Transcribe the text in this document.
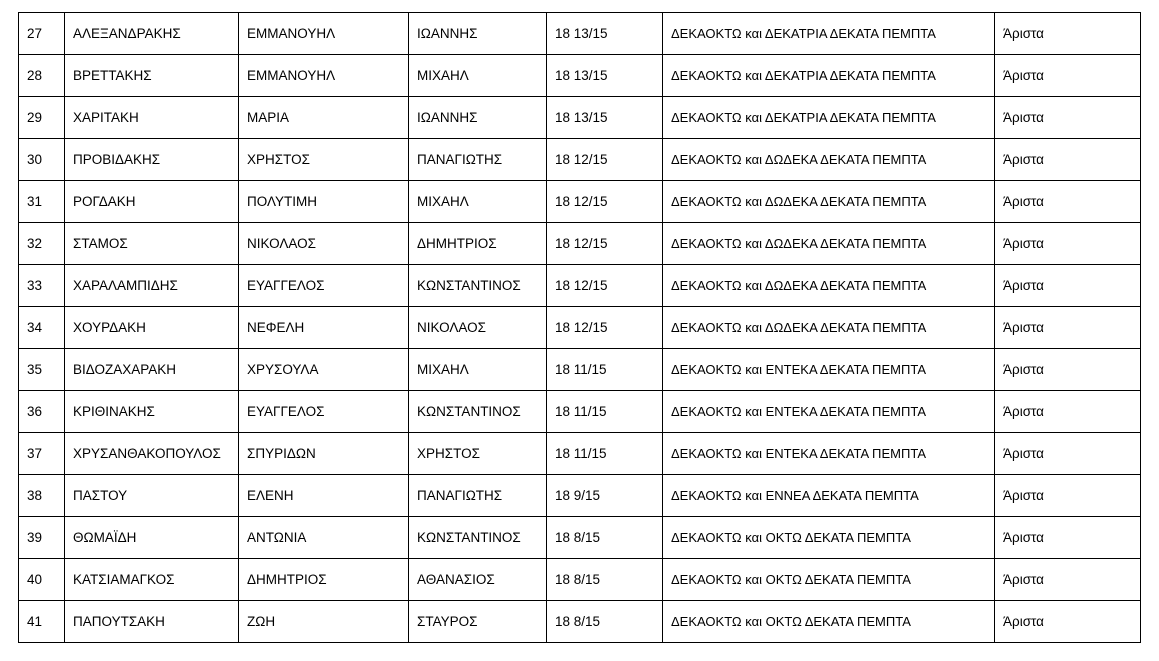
27	ΑΛΕΞΑΝΔΡΑΚΗΣ	ΕΜΜΑΝΟΥΗΛ	ΙΩΑΝΝΗΣ	18 13/15	ΔΕΚΑΟΚΤΩ και ΔΕΚΑΤΡΙΑ ΔΕΚΑΤΑ ΠΕΜΠΤΑ	Άριστα
28	ΒΡΕΤΤΑΚΗΣ	ΕΜΜΑΝΟΥΗΛ	ΜΙΧΑΗΛ	18 13/15	ΔΕΚΑΟΚΤΩ και ΔΕΚΑΤΡΙΑ ΔΕΚΑΤΑ ΠΕΜΠΤΑ	Άριστα
29	ΧΑΡΙΤΑΚΗ	ΜΑΡΙΑ	ΙΩΑΝΝΗΣ	18 13/15	ΔΕΚΑΟΚΤΩ και ΔΕΚΑΤΡΙΑ ΔΕΚΑΤΑ ΠΕΜΠΤΑ	Άριστα
30	ΠΡΟΒΙΔΑΚΗΣ	ΧΡΗΣΤΟΣ	ΠΑΝΑΓΙΩΤΗΣ	18 12/15	ΔΕΚΑΟΚΤΩ και ΔΩΔΕΚΑ ΔΕΚΑΤΑ ΠΕΜΠΤΑ	Άριστα
31	ΡΟΓΔΑΚΗ	ΠΟΛΥΤΙΜΗ	ΜΙΧΑΗΛ	18 12/15	ΔΕΚΑΟΚΤΩ και ΔΩΔΕΚΑ ΔΕΚΑΤΑ ΠΕΜΠΤΑ	Άριστα
32	ΣΤΑΜΟΣ	ΝΙΚΟΛΑΟΣ	ΔΗΜΗΤΡΙΟΣ	18 12/15	ΔΕΚΑΟΚΤΩ και ΔΩΔΕΚΑ ΔΕΚΑΤΑ ΠΕΜΠΤΑ	Άριστα
33	ΧΑΡΑΛΑΜΠΙΔΗΣ	ΕΥΑΓΓΕΛΟΣ	ΚΩΝΣΤΑΝΤΙΝΟΣ	18 12/15	ΔΕΚΑΟΚΤΩ και ΔΩΔΕΚΑ ΔΕΚΑΤΑ ΠΕΜΠΤΑ	Άριστα
34	ΧΟΥΡΔΑΚΗ	ΝΕΦΕΛΗ	ΝΙΚΟΛΑΟΣ	18 12/15	ΔΕΚΑΟΚΤΩ και ΔΩΔΕΚΑ ΔΕΚΑΤΑ ΠΕΜΠΤΑ	Άριστα
35	ΒΙΔΟΖΑΧΑΡΑΚΗ	ΧΡΥΣΟΥΛΑ	ΜΙΧΑΗΛ	18 11/15	ΔΕΚΑΟΚΤΩ και ΕΝΤΕΚΑ ΔΕΚΑΤΑ ΠΕΜΠΤΑ	Άριστα
36	ΚΡΙΘΙΝΑΚΗΣ	ΕΥΑΓΓΕΛΟΣ	ΚΩΝΣΤΑΝΤΙΝΟΣ	18 11/15	ΔΕΚΑΟΚΤΩ και ΕΝΤΕΚΑ ΔΕΚΑΤΑ ΠΕΜΠΤΑ	Άριστα
37	ΧΡΥΣΑΝΘΑΚΟΠΟΥΛΟΣ	ΣΠΥΡΙΔΩΝ	ΧΡΗΣΤΟΣ	18 11/15	ΔΕΚΑΟΚΤΩ και ΕΝΤΕΚΑ ΔΕΚΑΤΑ ΠΕΜΠΤΑ	Άριστα
38	ΠΑΣΤΟΥ	ΕΛΕΝΗ	ΠΑΝΑΓΙΩΤΗΣ	18 9/15	ΔΕΚΑΟΚΤΩ και ΕΝΝΕΑ ΔΕΚΑΤΑ ΠΕΜΠΤΑ	Άριστα
39	ΘΩΜΑΪΔΗ	ΑΝΤΩΝΙΑ	ΚΩΝΣΤΑΝΤΙΝΟΣ	18 8/15	ΔΕΚΑΟΚΤΩ και ΟΚΤΩ ΔΕΚΑΤΑ ΠΕΜΠΤΑ	Άριστα
40	ΚΑΤΣΙΑΜΑΓΚΟΣ	ΔΗΜΗΤΡΙΟΣ	ΑΘΑΝΑΣΙΟΣ	18 8/15	ΔΕΚΑΟΚΤΩ και ΟΚΤΩ ΔΕΚΑΤΑ ΠΕΜΠΤΑ	Άριστα
41	ΠΑΠΟΥΤΣΑΚΗ	ΖΩΗ	ΣΤΑΥΡΟΣ	18 8/15	ΔΕΚΑΟΚΤΩ και ΟΚΤΩ ΔΕΚΑΤΑ ΠΕΜΠΤΑ	Άριστα
